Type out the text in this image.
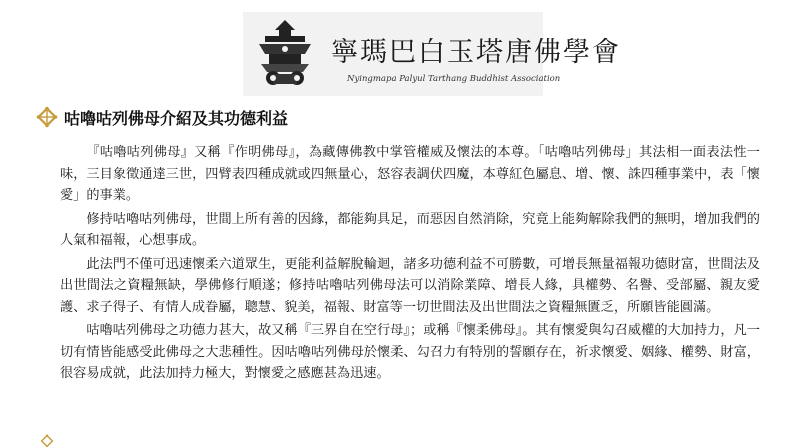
寧瑪巴白玉塔唐佛學會
Nyingmapa Palyul Tarthang Buddhist Association
咕嚕咕列佛母介紹及其功德利益

『咕嚕咕列佛母』又稱『作明佛母』，為藏傳佛教中掌管權威及懷法的本尊。「咕嚕咕列佛母」其法相一面表法性一味，三目象徵通達三世，四臂表四種成就或四無量心，怒容表調伏四魔，本尊紅色屬息、增、懷、誅四種事業中，表「懷愛」的事業。

修持咕嚕咕列佛母，世間上所有善的因緣，都能夠具足，而惡因自然消除，究竟上能夠解除我們的無明，增加我們的人氣和福報，心想事成。

此法門不僅可迅速懷柔六道眾生，更能利益解脫輪迴，諸多功德利益不可勝數，可增長無量福報功德財富，世間法及出世間法之資糧無缺，學佛修行順遂；修持咕嚕咕列佛母法可以消除業障、增長人緣，具權勢、名譽、受部屬、親友愛護、求子得子、有情人成眷屬，聰慧、貌美，福報、財富等一切世間法及出世間法之資糧無匱乏，所願皆能圓滿。

咕嚕咕列佛母之功德力甚大，故又稱『三界自在空行母』；或稱『懷柔佛母』。其有懷愛與勾召威權的大加持力，凡一切有情皆能感受此佛母之大悲種性。因咕嚕咕列佛母於懷柔、勾召力有特別的誓願存在，祈求懷愛、姻緣、權勢、財富，很容易成就，此法加持力極大，對懷愛之感應甚為迅速。
